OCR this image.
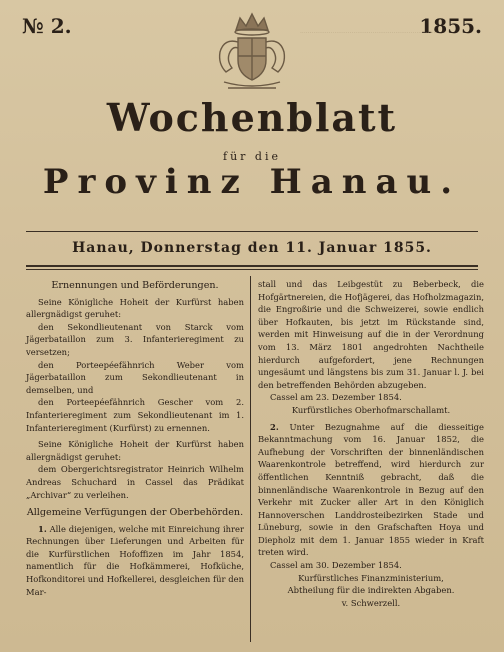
№ 2.	1855.
········································································
Wochenblatt
für die
Provinz Hanau.
Hanau, Donnerstag den 11. Januar 1855.

Ernennungen und Beförderungen.

Seine Königliche Hoheit der Kurfürst haben allergnädigst geruhet:

den Sekondlieutenant von Starck vom Jägerbataillon zum 3. Infanterieregiment zu versetzen;

den Porteepéefähnrich Weber vom Jägerbataillon zum Sekondlieutenant in demselben, und

den Porteepéefähnrich Gescher vom 2. Infanterieregiment zum Sekondlieutenant im 1. Infanterieregiment (Kurfürst) zu ernennen.

Seine Königliche Hoheit der Kurfürst haben allergnädigst geruhet:

dem Obergerichtsregistrator Heinrich Wilhelm Andreas Schuchard in Cassel das Prädikat „Archivar“ zu verleihen.

Allgemeine Verfügungen der Oberbehörden.

1. Alle diejenigen, welche mit Einreichung ihrer Rechnungen über Lieferungen und Arbeiten für die Kurfürstlichen Hofoffizen im Jahr 1854, namentlich für die Hofkämmerei, Hofküche, Hofkonditorei und Hofkellerei, desgleichen für den Mar-

stall und das Leibgestüt zu Beberbeck, die Hofgärtnereien, die Hofjägerei, das Hofholzmagazin, die Engroßirie und die Schweizerei, sowie endlich über Hofkauten, bis jetzt im Rückstande sind, werden mit Hinweisung auf die in der Verordnung vom 13. März 1801 angedrohten Nachtheile hierdurch aufgefordert, jene Rechnungen ungesäumt und längstens bis zum 31. Januar l. J. bei den betreffenden Behörden abzugeben.

Cassel am 23. Dezember 1854.

Kurfürstliches Oberhofmarschallamt.

2. Unter Bezugnahme auf die diesseitige Bekanntmachung vom 16. Januar 1852, die Aufhebung der Vorschriften der binnenländischen Waarenkontrole betreffend, wird hierdurch zur öffentlichen Kenntniß gebracht, daß die binnenländische Waarenkontrole in Bezug auf den Verkehr mit Zucker aller Art in den Königlich Hannoverschen Landdrosteibezirken Stade und Lüneburg, sowie in den Grafschaften Hoya und Diepholz mit dem 1. Januar 1855 wieder in Kraft treten wird.

Cassel am 30. Dezember 1854.

Kurfürstliches Finanzministerium,

Abtheilung für die indirekten Abgaben.

v. Schwerzell.
